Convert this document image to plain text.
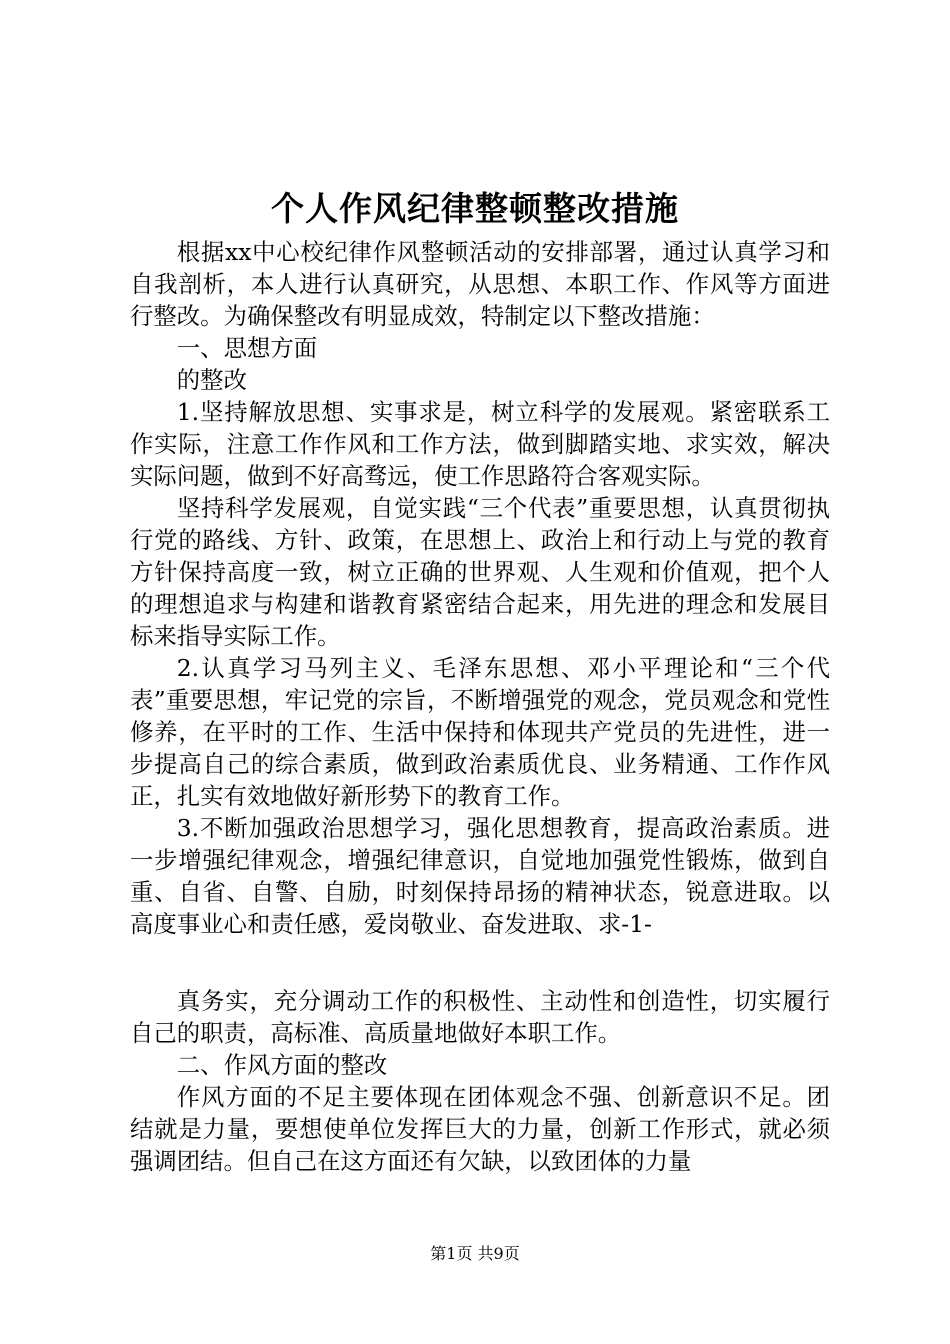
个人作风纪律整顿整改措施

根据xx中心校纪律作风整顿活动的安排部署，通过认真学习和自我剖析，本人进行认真研究，从思想、本职工作、作风等方面进行整改。为确保整改有明显成效，特制定以下整改措施：

一、思想方面

的整改

1.坚持解放思想、实事求是，树立科学的发展观。紧密联系工作实际，注意工作作风和工作方法，做到脚踏实地、求实效，解决实际问题，做到不好高骛远，使工作思路符合客观实际。

坚持科学发展观，自觉实践“三个代表”重要思想，认真贯彻执行党的路线、方针、政策，在思想上、政治上和行动上与党的教育方针保持高度一致，树立正确的世界观、人生观和价值观，把个人的理想追求与构建和谐教育紧密结合起来，用先进的理念和发展目标来指导实际工作。

2.认真学习马列主义、毛泽东思想、邓小平理论和“三个代表”重要思想，牢记党的宗旨，不断增强党的观念，党员观念和党性修养，在平时的工作、生活中保持和体现共产党员的先进性，进一步提高自己的综合素质，做到政治素质优良、业务精通、工作作风正，扎实有效地做好新形势下的教育工作。

3.不断加强政治思想学习，强化思想教育，提高政治素质。进一步增强纪律观念，增强纪律意识，自觉地加强党性锻炼，做到自重、自省、自警、自励，时刻保持昂扬的精神状态，锐意进取。以高度事业心和责任感，爱岗敬业、奋发进取、求-1-

真务实，充分调动工作的积极性、主动性和创造性，切实履行自己的职责，高标准、高质量地做好本职工作。

二、作风方面的整改

作风方面的不足主要体现在团体观念不强、创新意识不足。团结就是力量，要想使单位发挥巨大的力量，创新工作形式，就必须强调团结。但自己在这方面还有欠缺，以致团体的力量

第1页 共9页
